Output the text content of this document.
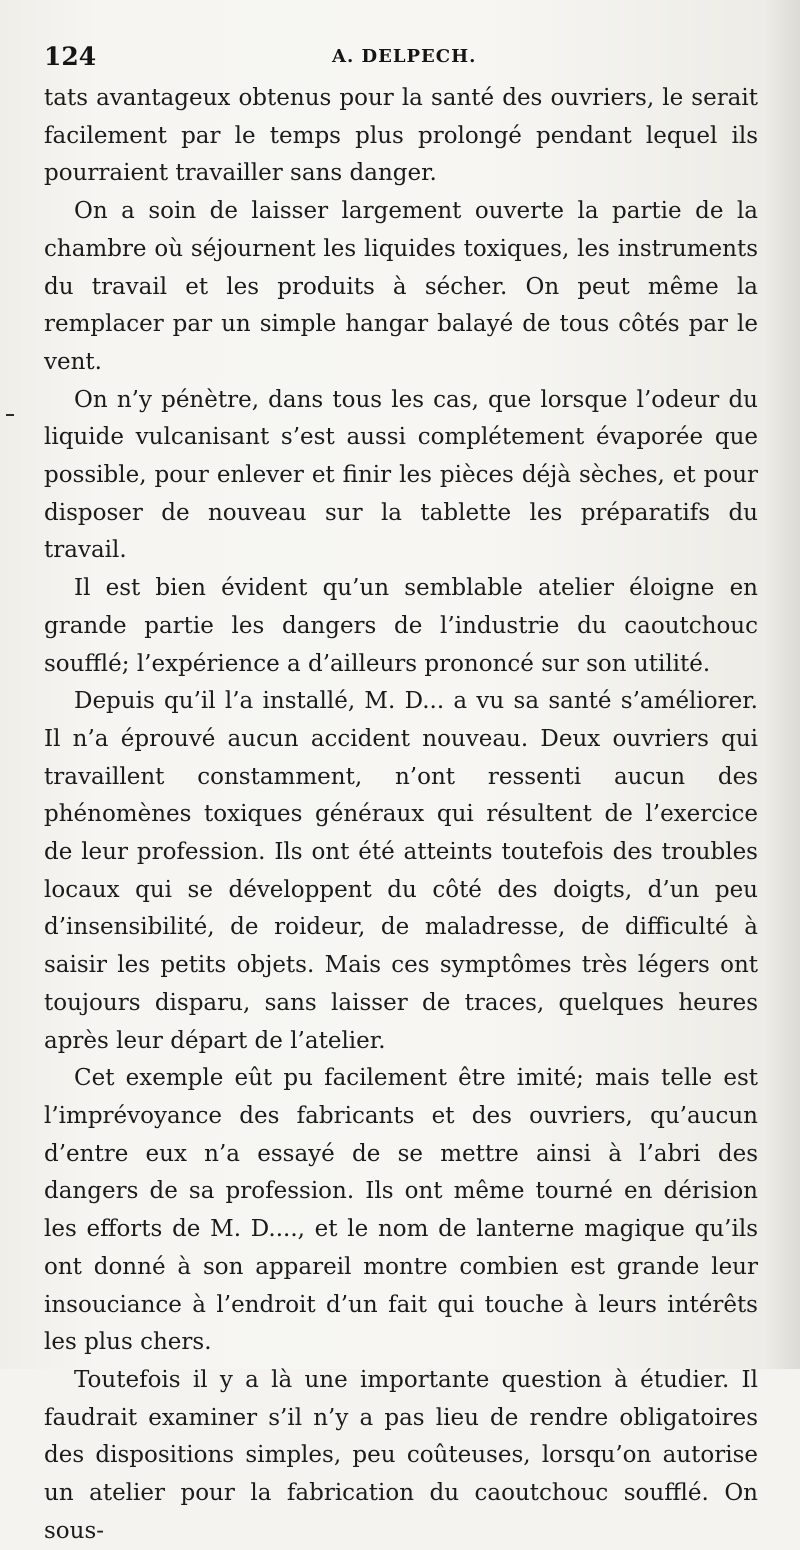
124	A. DELPECH.

tats avantageux obtenus pour la santé des ouvriers, le serait facilement par le temps plus prolongé pendant lequel ils pourraient travailler sans danger.

On a soin de laisser largement ouverte la partie de la chambre où séjournent les liquides toxiques, les instruments du travail et les produits à sécher. On peut même la remplacer par un simple hangar balayé de tous côtés par le vent.

On n’y pénètre, dans tous les cas, que lorsque l’odeur du liquide vulcanisant s’est aussi complétement évaporée que possible, pour enlever et finir les pièces déjà sèches, et pour disposer de nouveau sur la tablette les préparatifs du travail.

Il est bien évident qu’un semblable atelier éloigne en grande partie les dangers de l’industrie du caoutchouc soufflé; l’expérience a d’ailleurs prononcé sur son utilité.

Depuis qu’il l’a installé, M. D... a vu sa santé s’améliorer. Il n’a éprouvé aucun accident nouveau. Deux ouvriers qui travaillent constamment, n’ont ressenti aucun des phénomènes toxiques généraux qui résultent de l’exercice de leur profession. Ils ont été atteints toutefois des troubles locaux qui se développent du côté des doigts, d’un peu d’insensibilité, de roideur, de maladresse, de difficulté à saisir les petits objets. Mais ces symptômes très légers ont toujours disparu, sans laisser de traces, quelques heures après leur départ de l’atelier.

Cet exemple eût pu facilement être imité; mais telle est l’imprévoyance des fabricants et des ouvriers, qu’aucun d’entre eux n’a essayé de se mettre ainsi à l’abri des dangers de sa profession. Ils ont même tourné en dérision les efforts de M. D...., et le nom de lanterne magique qu’ils ont donné à son appareil montre combien est grande leur insouciance à l’endroit d’un fait qui touche à leurs intérêts les plus chers.

Toutefois il y a là une importante question à étudier. Il faudrait examiner s’il n’y a pas lieu de rendre obligatoires des dispositions simples, peu coûteuses, lorsqu’on autorise un atelier pour la fabrication du caoutchouc soufflé. On sous-
